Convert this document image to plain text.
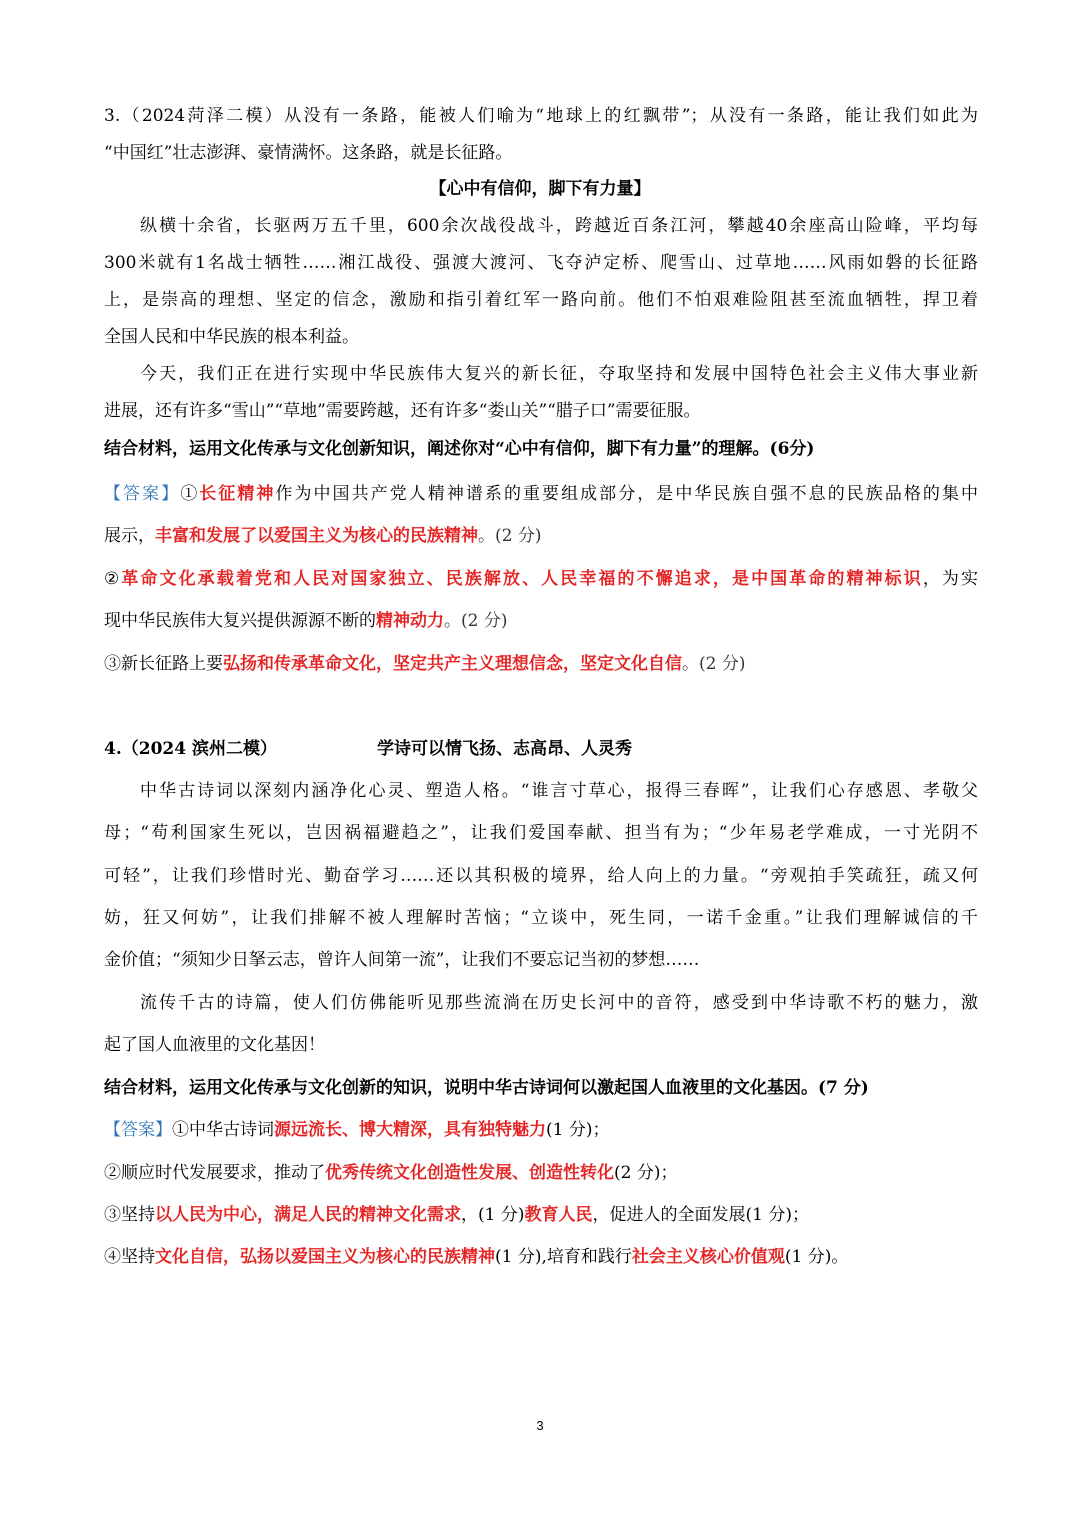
3.（2024菏泽二模）从没有一条路，能被人们喻为“地球上的红飘带”；从没有一条路，能让我们如此为
“中国红”壮志澎湃、豪情满怀。这条路，就是长征路。
【心中有信仰，脚下有力量】
纵横十余省，长驱两万五千里，600余次战役战斗，跨越近百条江河，攀越40余座高山险峰，平均每
300米就有1名战士牺牲……湘江战役、强渡大渡河、飞夺泸定桥、爬雪山、过草地……风雨如磐的长征路
上，是崇高的理想、坚定的信念，激励和指引着红军一路向前。他们不怕艰难险阻甚至流血牺牲，捍卫着
全国人民和中华民族的根本利益。
今天，我们正在进行实现中华民族伟大复兴的新长征，夺取坚持和发展中国特色社会主义伟大事业新
进展，还有许多“雪山”“草地”需要跨越，还有许多“娄山关”“腊子口”需要征服。
结合材料，运用文化传承与文化创新知识，阐述你对“心中有信仰，脚下有力量”的理解。(6分)
【答案】①长征精神作为中国共产党人精神谱系的重要组成部分，是中华民族自强不息的民族品格的集中
展示，丰富和发展了以爱国主义为核心的民族精神。(2 分)
②革命文化承载着党和人民对国家独立、民族解放、人民幸福的不懈追求，是中国革命的精神标识，为实
现中华民族伟大复兴提供源源不断的精神动力。(2 分)
③新长征路上要弘扬和传承革命文化，坚定共产主义理想信念，坚定文化自信。(2 分)
4.（2024 滨州二模）	学诗可以情飞扬、志高昂、人灵秀
中华古诗词以深刻内涵净化心灵、塑造人格。“谁言寸草心，报得三春晖”，让我们心存感恩、孝敬父
母；“苟利国家生死以，岂因祸福避趋之”，让我们爱国奉献、担当有为；“少年易老学难成，一寸光阴不
可轻”，让我们珍惜时光、勤奋学习……还以其积极的境界，给人向上的力量。“旁观拍手笑疏狂，疏又何
妨，狂又何妨”，让我们排解不被人理解时苦恼；“立谈中，死生同，一诺千金重。”让我们理解诚信的千
金价值；“须知少日拏云志，曾许人间第一流”，让我们不要忘记当初的梦想……
流传千古的诗篇，使人们仿佛能听见那些流淌在历史长河中的音符，感受到中华诗歌不朽的魅力，激
起了国人血液里的文化基因！
结合材料，运用文化传承与文化创新的知识，说明中华古诗词何以激起国人血液里的文化基因。(7 分)
【答案】①中华古诗词源远流长、博大精深，具有独特魅力(1 分)；
②顺应时代发展要求，推动了优秀传统文化创造性发展、创造性转化(2 分)；
③坚持以人民为中心，满足人民的精神文化需求，(1 分)教育人民，促进人的全面发展(1 分)；
④坚持文化自信，弘扬以爱国主义为核心的民族精神(1 分),培育和践行社会主义核心价值观(1 分)。
3
